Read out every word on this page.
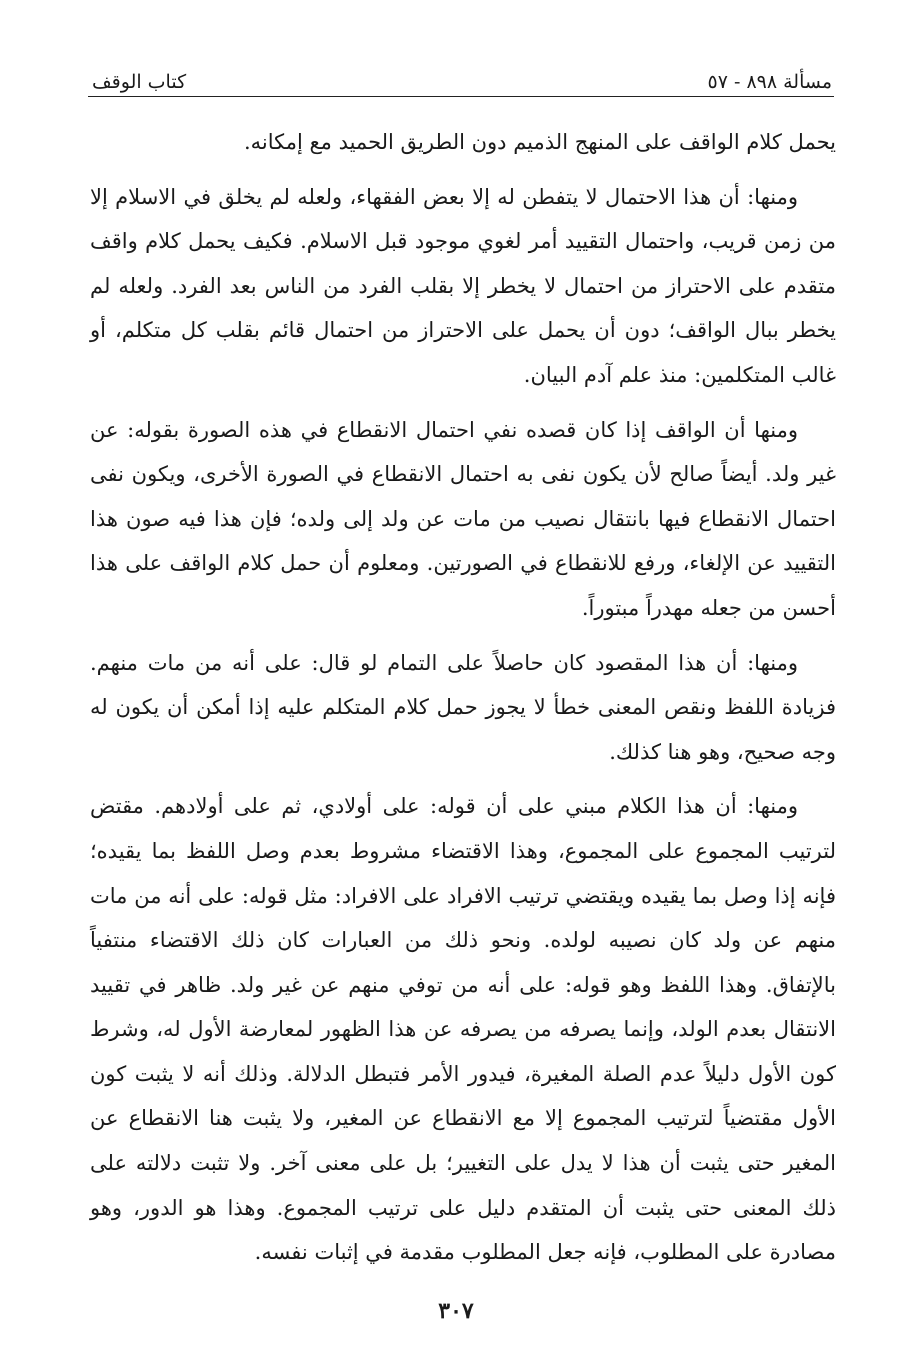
مسألة ٨٩٨ - ٥٧
كتاب الوقف

يحمل كلام الواقف على المنهج الذميم دون الطريق الحميد مع إمكانه.

ومنها: أن هذا الاحتمال لا يتفطن له إلا بعض الفقهاء، ولعله لم يخلق في الاسلام إلا من زمن قريب، واحتمال التقييد أمر لغوي موجود قبل الاسلام. فكيف يحمل كلام واقف متقدم على الاحتراز من احتمال لا يخطر إلا بقلب الفرد من الناس بعد الفرد. ولعله لم يخطر ببال الواقف؛ دون أن يحمل على الاحتراز من احتمال قائم بقلب كل متكلم، أو غالب المتكلمين: منذ علم آدم البيان.

ومنها أن الواقف إذا كان قصده نفي احتمال الانقطاع في هذه الصورة بقوله: عن غير ولد. أيضاً صالح لأن يكون نفى به احتمال الانقطاع في الصورة الأخرى، ويكون نفى احتمال الانقطاع فيها بانتقال نصيب من مات عن ولد إلى ولده؛ فإن هذا فيه صون هذا التقييد عن الإلغاء، ورفع للانقطاع في الصورتين. ومعلوم أن حمل كلام الواقف على هذا أحسن من جعله مهدراً مبتوراً.

ومنها: أن هذا المقصود كان حاصلاً على التمام لو قال: على أنه من مات منهم. فزيادة اللفظ ونقص المعنى خطأ لا يجوز حمل كلام المتكلم عليه إذا أمكن أن يكون له وجه صحيح، وهو هنا كذلك.

ومنها: أن هذا الكلام مبني على أن قوله: على أولادي، ثم على أولادهم. مقتض لترتيب المجموع على المجموع، وهذا الاقتضاء مشروط بعدم وصل اللفظ بما يقيده؛ فإنه إذا وصل بما يقيده ويقتضي ترتيب الافراد على الافراد: مثل قوله: على أنه من مات منهم عن ولد كان نصيبه لولده. ونحو ذلك من العبارات كان ذلك الاقتضاء منتفياً بالإتفاق. وهذا اللفظ وهو قوله: على أنه من توفي منهم عن غير ولد. ظاهر في تقييد الانتقال بعدم الولد، وإنما يصرفه من يصرفه عن هذا الظهور لمعارضة الأول له، وشرط كون الأول دليلاً عدم الصلة المغيرة، فيدور الأمر فتبطل الدلالة. وذلك أنه لا يثبت كون الأول مقتضياً لترتيب المجموع إلا مع الانقطاع عن المغير، ولا يثبت هنا الانقطاع عن المغير حتى يثبت أن هذا لا يدل على التغيير؛ بل على معنى آخر. ولا تثبت دلالته على ذلك المعنى حتى يثبت أن المتقدم دليل على ترتيب المجموع. وهذا هو الدور، وهو مصادرة على المطلوب، فإنه جعل المطلوب مقدمة في إثبات نفسه.

٣٠٧
